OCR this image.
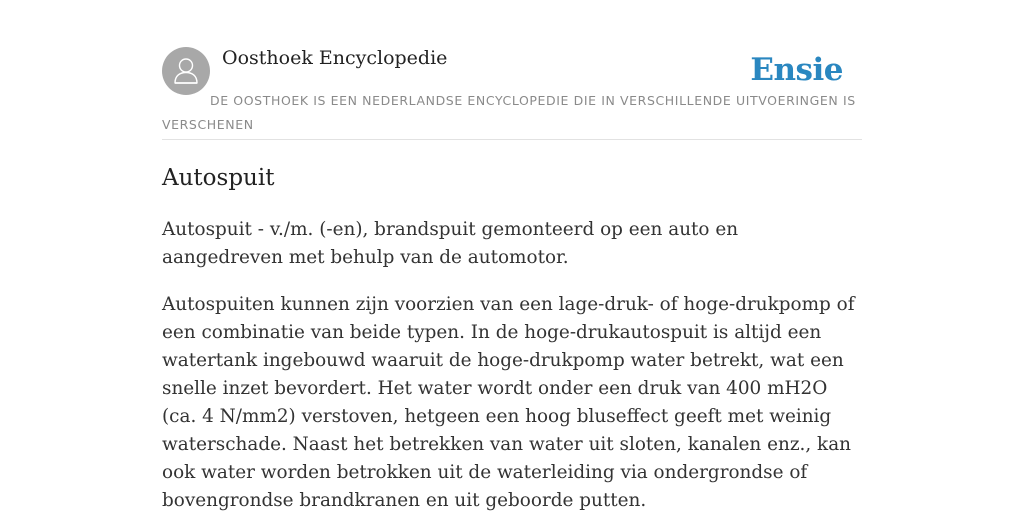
Oosthoek Encyclopedie	Ensie
DE OOSTHOEK IS EEN NEDERLANDSE ENCYCLOPEDIE DIE IN VERSCHILLENDE UITVOERINGEN IS VERSCHENEN
Autospuit

Autospuit - v./m. (-en), brandspuit gemonteerd op een auto en aangedreven met behulp van de automotor.

Autospuiten kunnen zijn voorzien van een lage-druk- of hoge-drukpomp of een combinatie van beide typen. In de hoge-drukautospuit is altijd een watertank ingebouwd waaruit de hoge-drukpomp water betrekt, wat een snelle inzet bevordert. Het water wordt onder een druk van 400 mH2O (ca. 4 N/mm2) verstoven, hetgeen een hoog bluseffect geeft met weinig waterschade. Naast het betrekken van water uit sloten, kanalen enz., kan ook water worden betrokken uit de waterleiding via ondergrondse of bovengrondse brandkranen en uit geboorde putten.
